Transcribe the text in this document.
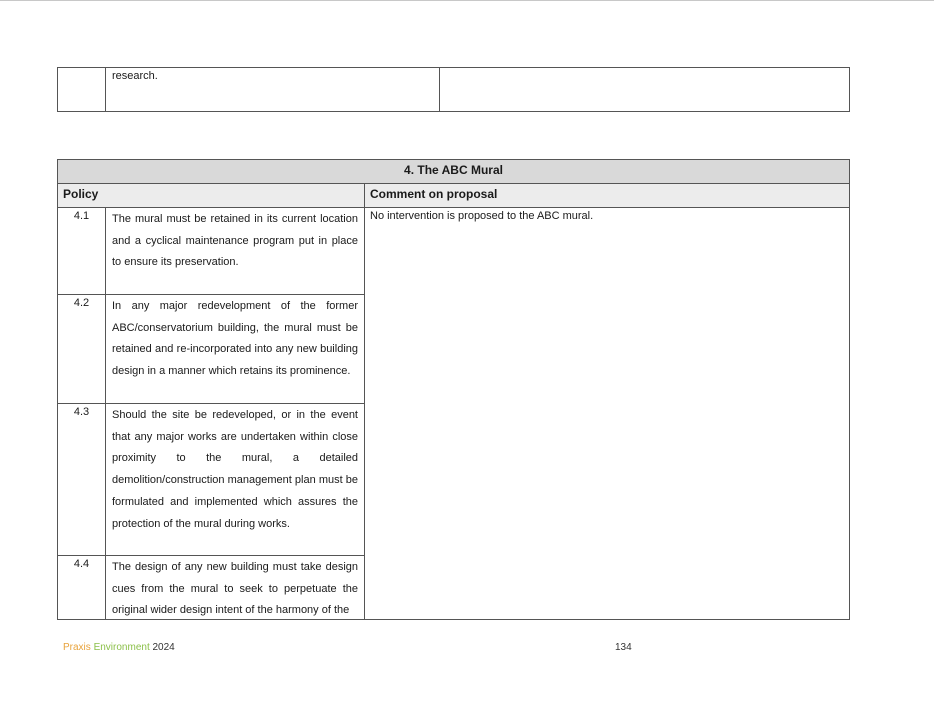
research.

4. The ABC Mural		

Policy		Comment on proposal

4.1	The mural must be retained in its current location and a cyclical maintenance program put in place to ensure its preservation.	No intervention is proposed to the ABC mural.

4.2	In any major redevelopment of the former ABC/conservatorium building, the mural must be retained and re-incorporated into any new building design in a manner which retains its prominence.	

4.3	Should the site be redeveloped, or in the event that any major works are undertaken within close proximity to the mural, a detailed demolition/construction management plan must be formulated and implemented which assures the protection of the mural during works.	

4.4	The design of any new building must take design cues from the mural to seek to perpetuate the original wider design intent of the harmony of the	
Praxis Environment 2024	134
